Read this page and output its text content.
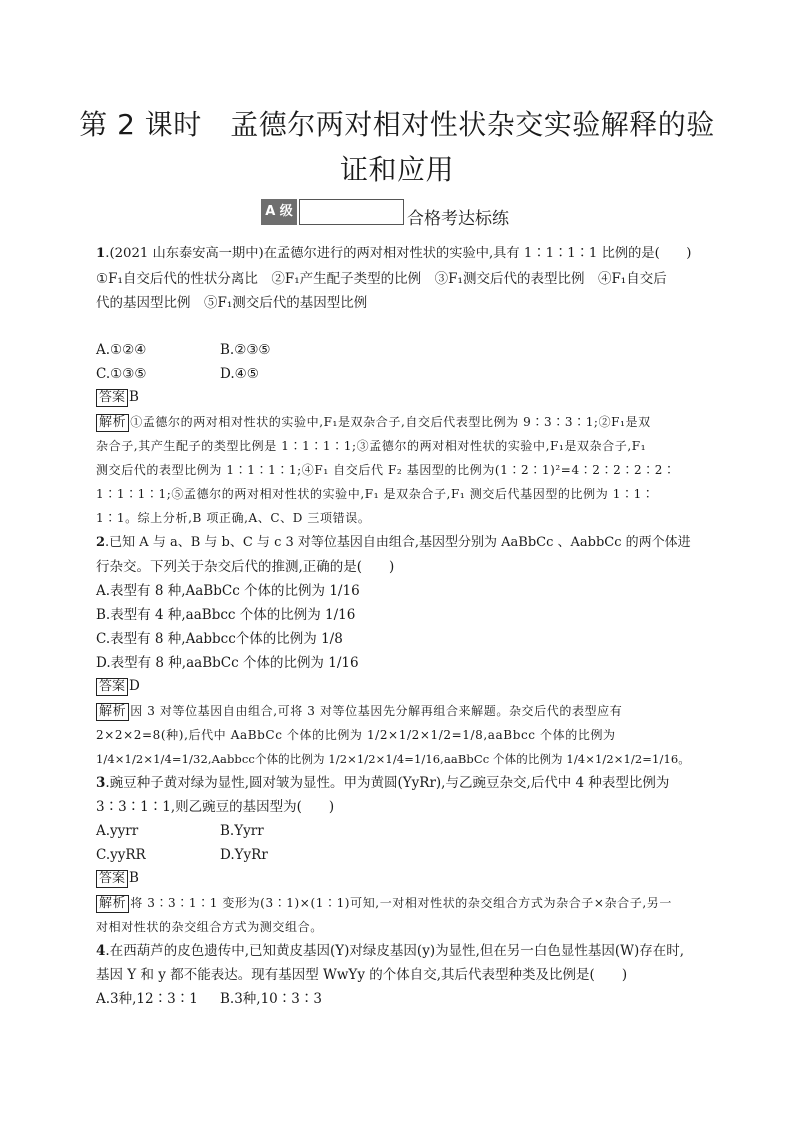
第 2 课时　孟德尔两对相对性状杂交实验解释的验
证和应用
A 级	合格考达标练
1.(2021 山东泰安高一期中)在孟德尔进行的两对相对性状的实验中,具有 1∶1∶1∶1 比例的是(　　)
①F₁自交后代的性状分离比　②F₁产生配子类型的比例　③F₁测交后代的表型比例　④F₁自交后
代的基因型比例　⑤F₁测交后代的基因型比例
A.①②④	B.②③⑤
C.①③⑤	D.④⑤
答案 B
解析 ①孟德尔的两对相对性状的实验中,F₁是双杂合子,自交后代表型比例为 9∶3∶3∶1;②F₁是双
杂合子,其产生配子的类型比例是 1∶1∶1∶1;③孟德尔的两对相对性状的实验中,F₁是双杂合子,F₁
测交后代的表型比例为 1∶1∶1∶1;④F₁ 自交后代 F₂ 基因型的比例为(1∶2∶1)²=4∶2∶2∶2∶2∶
1∶1∶1∶1;⑤孟德尔的两对相对性状的实验中,F₁ 是双杂合子,F₁ 测交后代基因型的比例为 1∶1∶
1∶1。综上分析,B 项正确,A、C、D 三项错误。
2.已知 A 与 a、B 与 b、C 与 c 3 对等位基因自由组合,基因型分别为 AaBbCc 、AabbCc 的两个体进
行杂交。下列关于杂交后代的推测,正确的是(　　)
A.表型有 8 种,AaBbCc 个体的比例为 1/16
B.表型有 4 种,aaBbcc 个体的比例为 1/16
C.表型有 8 种,Aabbcc个体的比例为 1/8
D.表型有 8 种,aaBbCc 个体的比例为 1/16
答案 D
解析 因 3 对等位基因自由组合,可将 3 对等位基因先分解再组合来解题。杂交后代的表型应有
2×2×2=8(种),后代中 AaBbCc 个体的比例为 1/2×1/2×1/2=1/8,aaBbcc 个体的比例为
1/4×1/2×1/4=1/32,Aabbcc个体的比例为 1/2×1/2×1/4=1/16,aaBbCc 个体的比例为 1/4×1/2×1/2=1/16。
3.豌豆种子黄对绿为显性,圆对皱为显性。甲为黄圆(YyRr),与乙豌豆杂交,后代中 4 种表型比例为
3∶3∶1∶1,则乙豌豆的基因型为(　　)
A.yyrr	B.Yyrr
C.yyRR	D.YyRr
答案 B
解析 将 3∶3∶1∶1 变形为(3∶1)×(1∶1)可知,一对相对性状的杂交组合方式为杂合子×杂合子,另一
对相对性状的杂交组合方式为测交组合。
4.在西葫芦的皮色遗传中,已知黄皮基因(Y)对绿皮基因(y)为显性,但在另一白色显性基因(W)存在时,
基因 Y 和 y 都不能表达。现有基因型 WwYy 的个体自交,其后代表型种类及比例是(　　)
A.3种,12∶3∶1 B.3种,10∶3∶3
